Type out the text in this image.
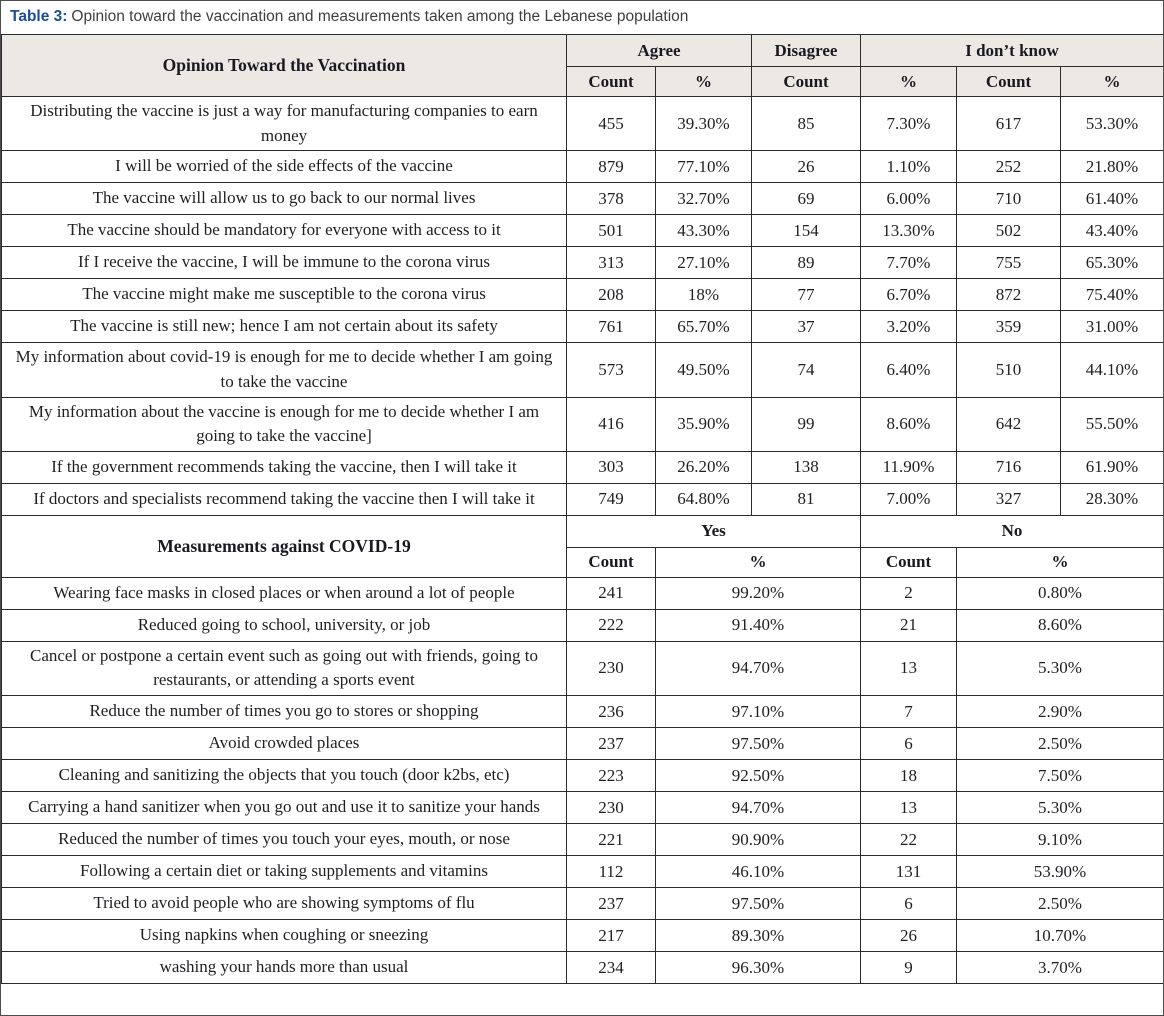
Table 3: Opinion toward the vaccination and measurements taken among the Lebanese population
Opinion Toward the Vaccination	Agree		Disagree	I don’t know		
	Count	%	Count	%	Count	%
Distributing the vaccine is just a way for manufacturing companies to earn money	455	39.30%	85	7.30%	617	53.30%
I will be worried of the side effects of the vaccine	879	77.10%	26	1.10%	252	21.80%
The vaccine will allow us to go back to our normal lives	378	32.70%	69	6.00%	710	61.40%
The vaccine should be mandatory for everyone with access to it	501	43.30%	154	13.30%	502	43.40%
If I receive the vaccine, I will be immune to the corona virus	313	27.10%	89	7.70%	755	65.30%
The vaccine might make me susceptible to the corona virus	208	18%	77	6.70%	872	75.40%
The vaccine is still new; hence I am not certain about its safety	761	65.70%	37	3.20%	359	31.00%
My information about covid-19 is enough for me to decide whether I am going to take the vaccine	573	49.50%	74	6.40%	510	44.10%
My information about the vaccine is enough for me to decide whether I am going to take the vaccine]	416	35.90%	99	8.60%	642	55.50%
If the government recommends taking the vaccine, then I will take it	303	26.20%	138	11.90%	716	61.90%
If doctors and specialists recommend taking the vaccine then I will take it	749	64.80%	81	7.00%	327	28.30%
Measurements against COVID-19	Yes			No		
	Count	%		Count	%	
Wearing face masks in closed places or when around a lot of people	241	99.20%		2	0.80%	
Reduced going to school, university, or job	222	91.40%		21	8.60%	
Cancel or postpone a certain event such as going out with friends, going to restaurants, or attending a sports event	230	94.70%		13	5.30%	
Reduce the number of times you go to stores or shopping	236	97.10%		7	2.90%	
Avoid crowded places	237	97.50%		6	2.50%	
Cleaning and sanitizing the objects that you touch (door k2bs, etc)	223	92.50%		18	7.50%	
Carrying a hand sanitizer when you go out and use it to sanitize your hands	230	94.70%		13	5.30%	
Reduced the number of times you touch your eyes, mouth, or nose	221	90.90%		22	9.10%	
Following a certain diet or taking supplements and vitamins	112	46.10%		131	53.90%	
Tried to avoid people who are showing symptoms of flu	237	97.50%		6	2.50%	
Using napkins when coughing or sneezing	217	89.30%		26	10.70%	
washing your hands more than usual	234	96.30%		9	3.70%	
